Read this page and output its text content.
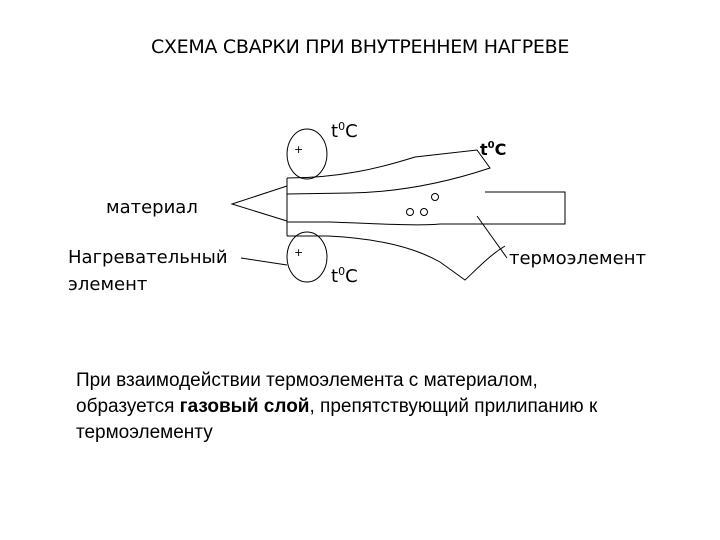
СХЕМА СВАРКИ ПРИ ВНУТРЕННЕМ НАГРЕВЕ
+
+
$t^0C$
$t^0C$
$t^0C$
материал
Нагревательный
элемент
термоэлемент
При взаимодействии термоэлемента с материалом, образуется газовый слой, препятствующий прилипанию к термоэлементу
